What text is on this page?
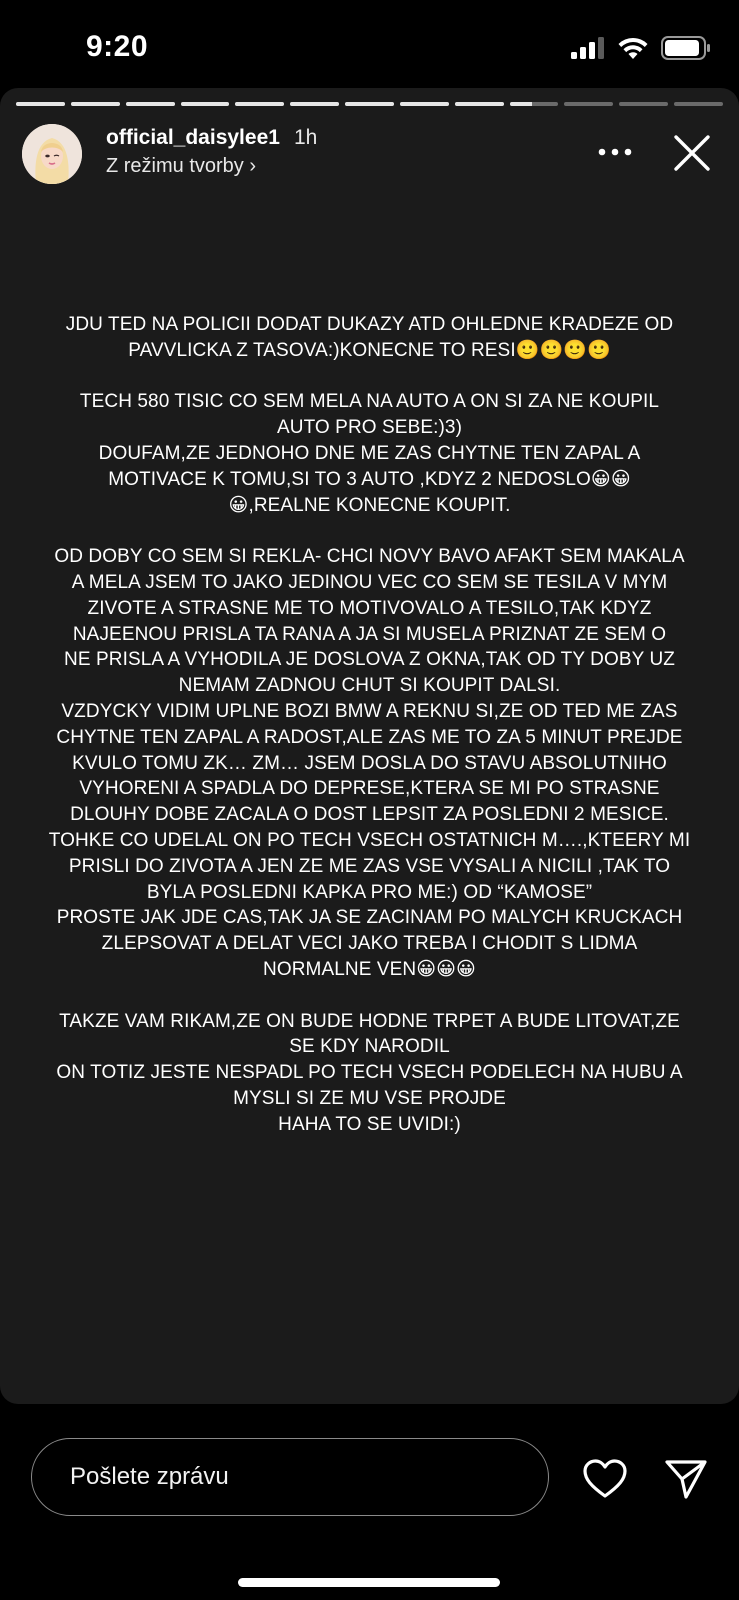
9:20
official_daisylee1 1h
Z režimu tvorby ›

JDU TED NA POLICII DODAT DUKAZY ATD OHLEDNE KRADEZE OD

PAVVLICKA Z TASOVA:)KONECNE TO RESI🙂🙂🙂🙂

TECH 580 TISIC CO SEM MELA NA AUTO A ON SI ZA NE KOUPIL

AUTO PRO SEBE:)3)

DOUFAM,ZE JEDNOHO DNE ME ZAS CHYTNE TEN ZAPAL A

MOTIVACE K TOMU,SI TO 3 AUTO ,KDYZ 2 NEDOSLO😀😀

😀,REALNE KONECNE KOUPIT.

OD DOBY CO SEM SI REKLA- CHCI NOVY BAVO AFAKT SEM MAKALA

A MELA JSEM TO JAKO JEDINOU VEC CO SEM SE TESILA V MYM

ZIVOTE A STRASNE ME TO MOTIVOVALO A TESILO,TAK KDYZ

NAJEENOU PRISLA TA RANA A JA SI MUSELA PRIZNAT ZE SEM O

NE PRISLA A VYHODILA JE DOSLOVA Z OKNA,TAK OD TY DOBY UZ

NEMAM ZADNOU CHUT SI KOUPIT DALSI.

VZDYCKY VIDIM UPLNE BOZI BMW A REKNU SI,ZE OD TED ME ZAS

CHYTNE TEN ZAPAL A RADOST,ALE ZAS ME TO ZA 5 MINUT PREJDE

KVULO TOMU ZK… ZM… JSEM DOSLA DO STAVU ABSOLUTNIHO

VYHORENI A SPADLA DO DEPRESE,KTERA SE MI PO STRASNE

DLOUHY DOBE ZACALA O DOST LEPSIT ZA POSLEDNI 2 MESICE.

TOHKE CO UDELAL ON PO TECH VSECH OSTATNICH M….,KTEERY MI

PRISLI DO ZIVOTA A JEN ZE ME ZAS VSE VYSALI A NICILI ,TAK TO

BYLA POSLEDNI KAPKA PRO ME:) OD “KAMOSE”

PROSTE JAK JDE CAS,TAK JA SE ZACINAM PO MALYCH KRUCKACH

ZLEPSOVAT A DELAT VECI JAKO TREBA I CHODIT S LIDMA

NORMALNE VEN😀😀😀

TAKZE VAM RIKAM,ZE ON BUDE HODNE TRPET A BUDE LITOVAT,ZE

SE KDY NARODIL

ON TOTIZ JESTE NESPADL PO TECH VSECH PODELECH NA HUBU A

MYSLI SI ZE MU VSE PROJDE

HAHA TO SE UVIDI:)

Pošlete zprávu
